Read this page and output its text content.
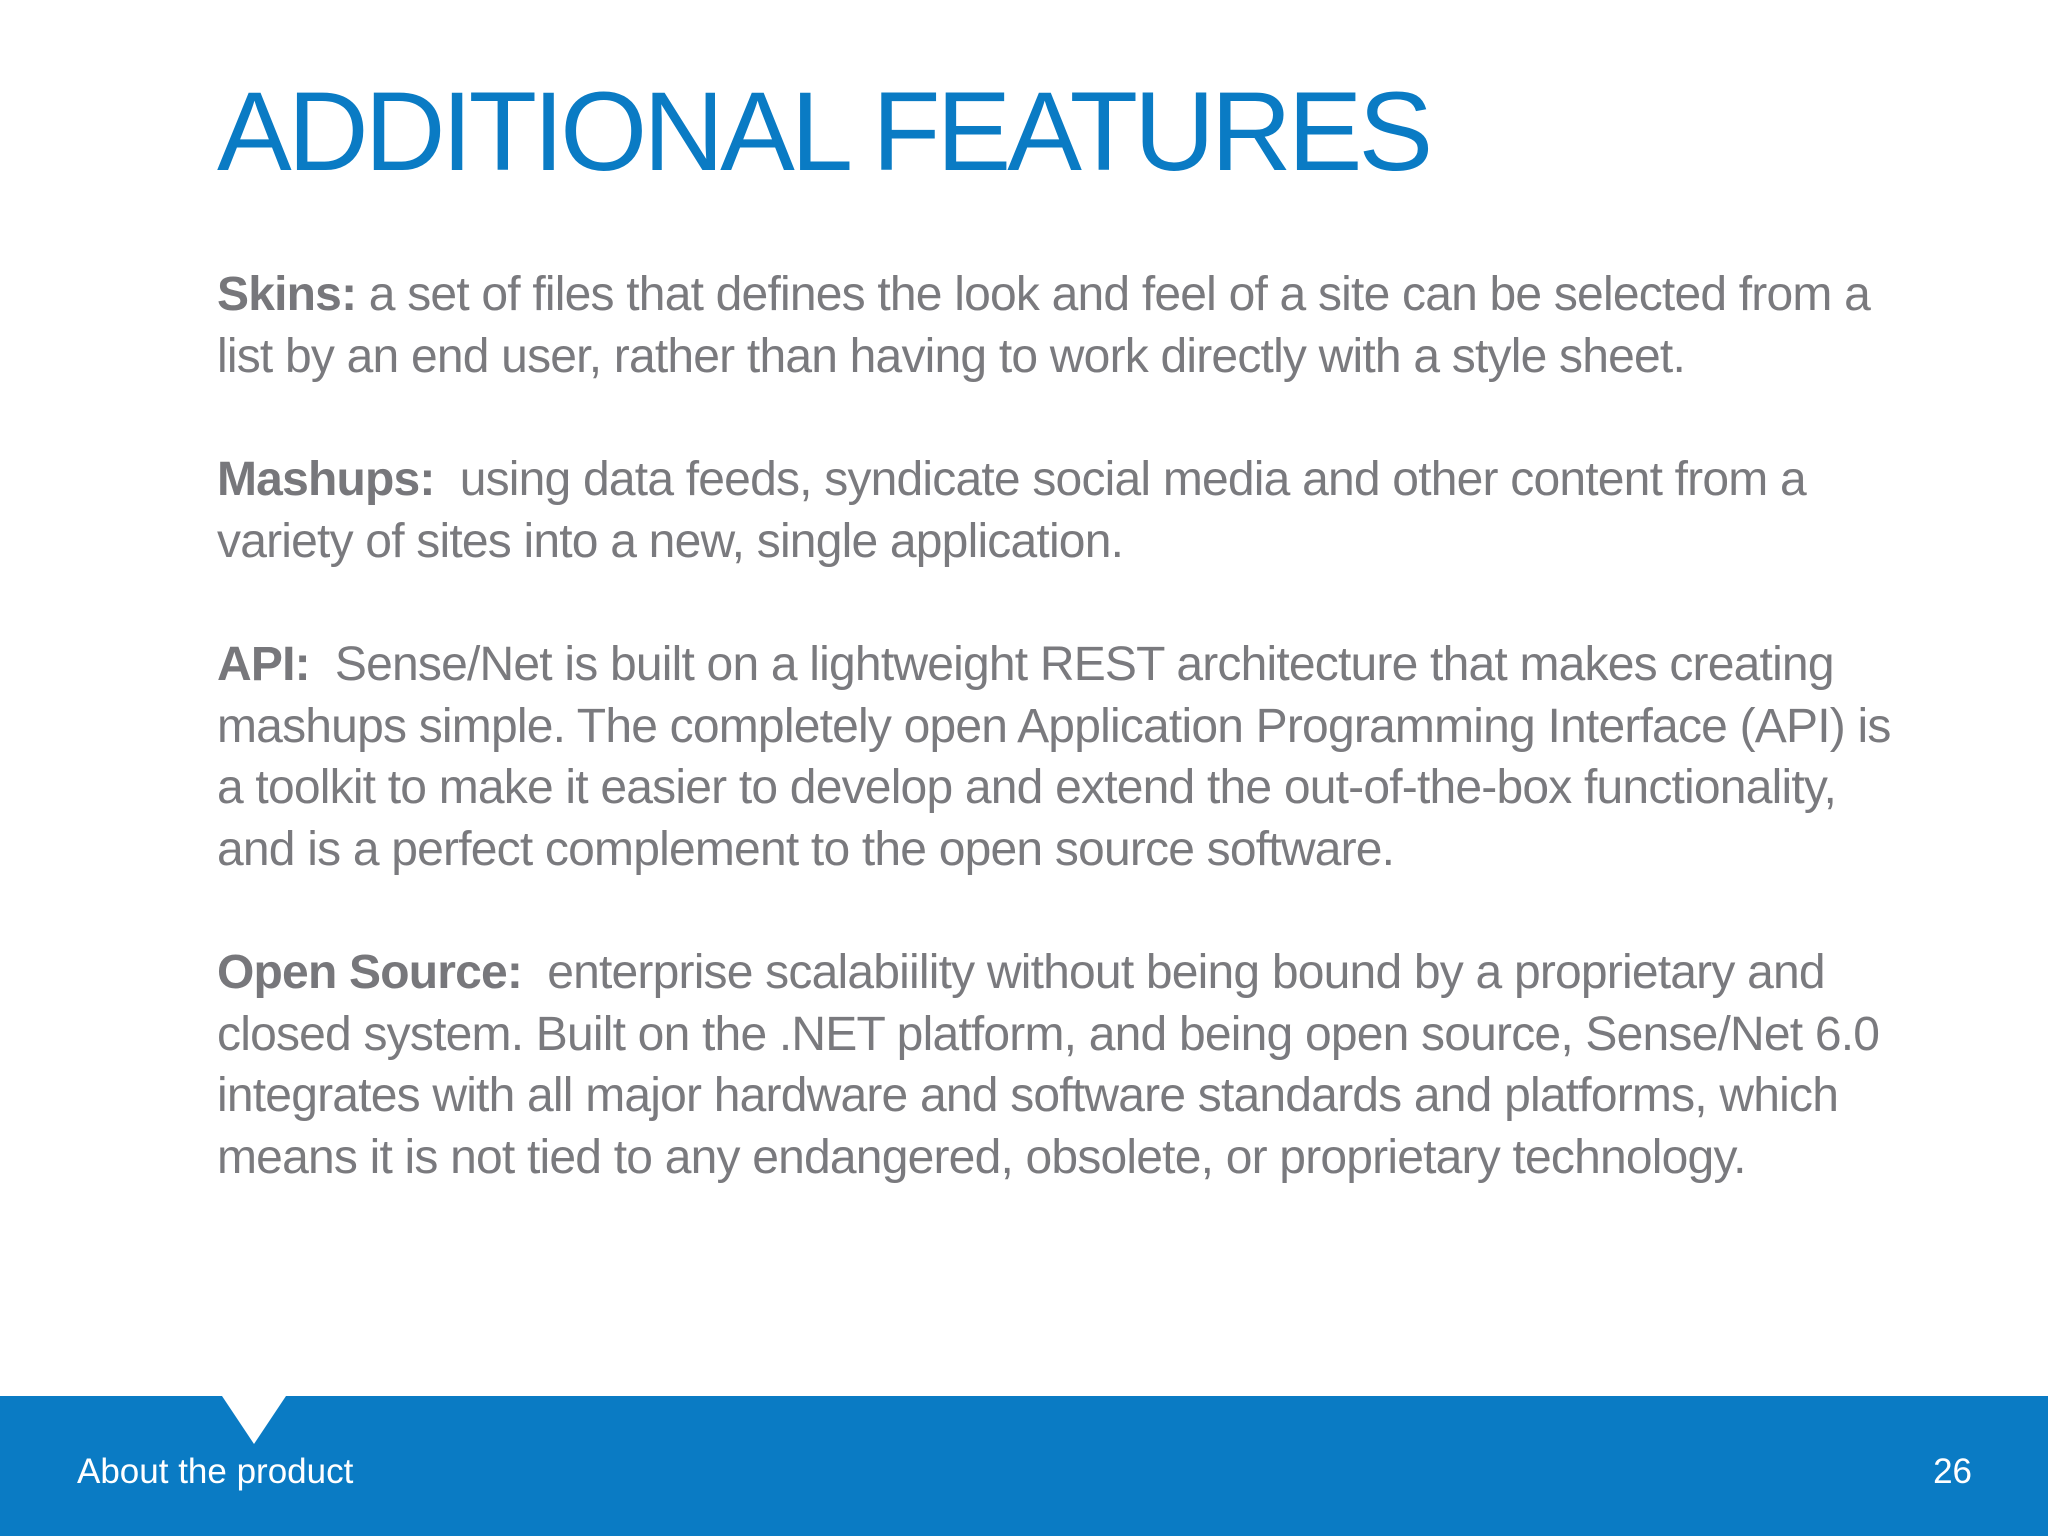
ADDITIONAL FEATURES

Skins: a set of files that defines the look and feel of a site can be selected from a list by an end user, rather than having to work directly with a style sheet.

Mashups: using data feeds, syndicate social media and other content from a variety of sites into a new, single application.

API: Sense/Net is built on a lightweight REST architecture that makes creating mashups simple. The completely open Application Programming Interface (API) is a toolkit to make it easier to develop and extend the out-of-the-box functionality, and is a perfect complement to the open source software.

Open Source: enterprise scalabiility without being bound by a proprietary and closed system. Built on the .NET platform, and being open source, Sense/Net 6.0 integrates with all major hardware and software standards and platforms, which means it is not tied to any endangered, obsolete, or proprietary technology.

About the product	26
